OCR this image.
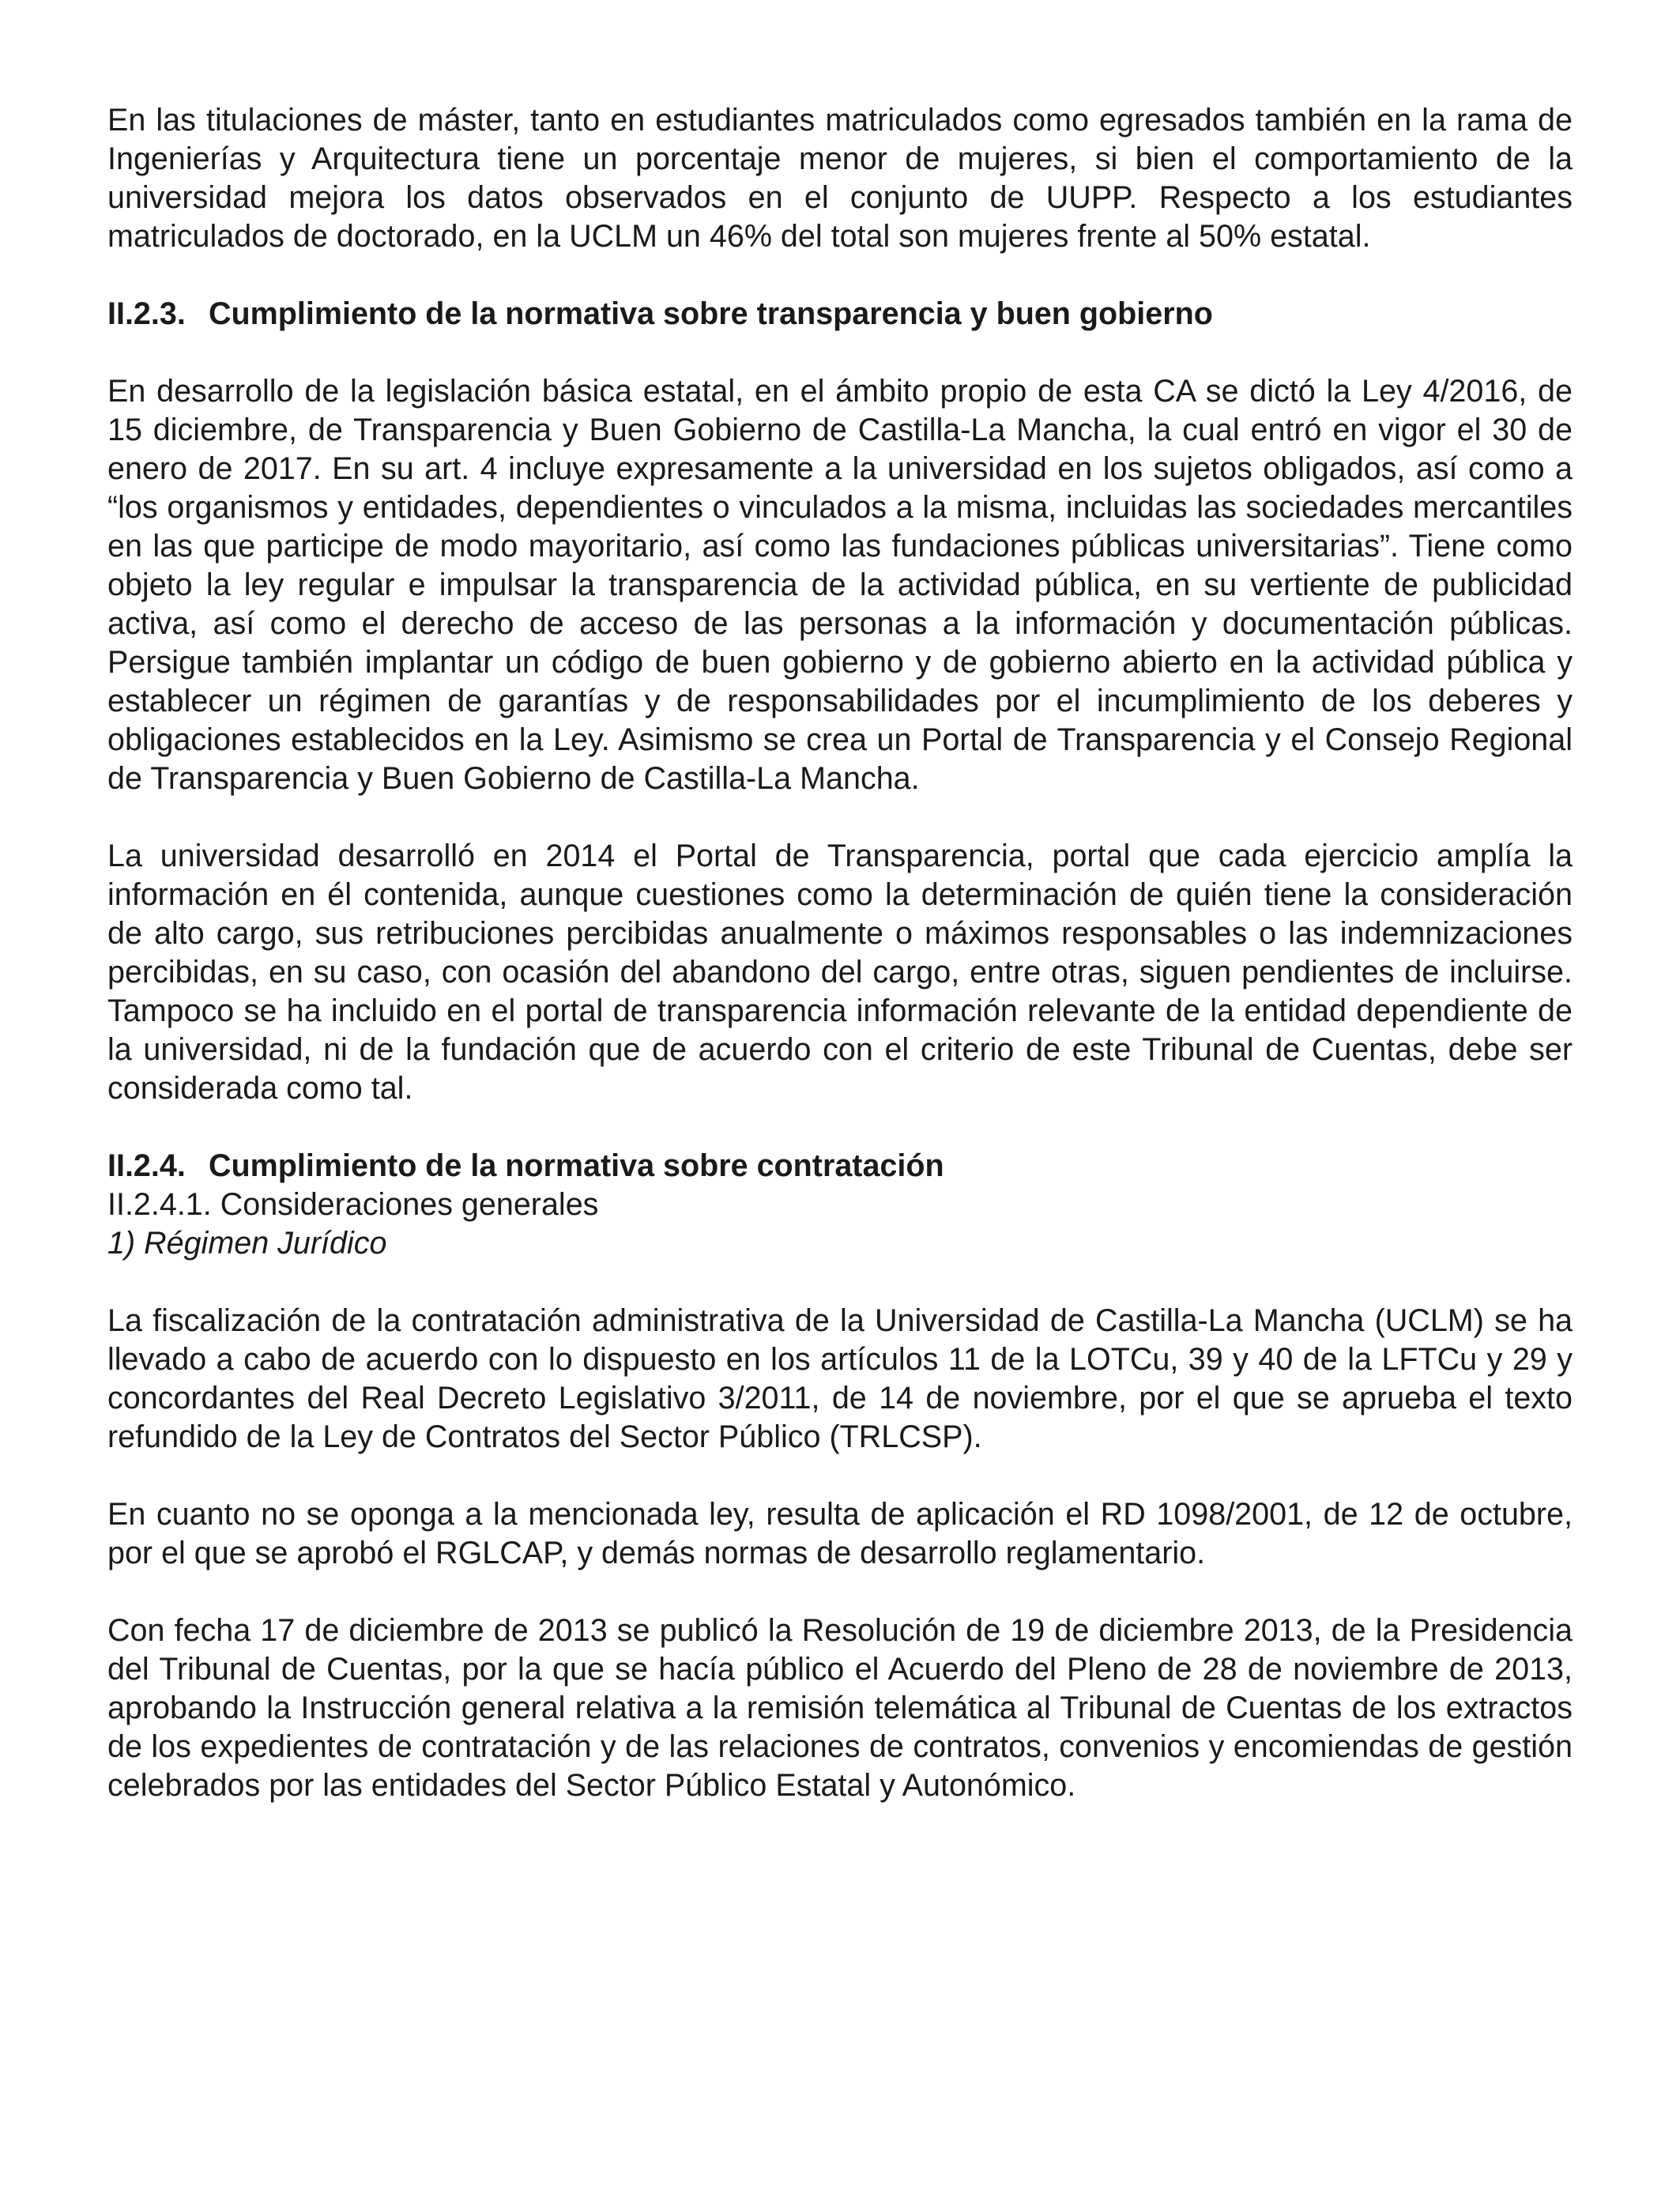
En las titulaciones de máster, tanto en estudiantes matriculados como egresados también en la rama de Ingenierías y Arquitectura tiene un porcentaje menor de mujeres, si bien el comportamiento de la universidad mejora los datos observados en el conjunto de UUPP. Respecto a los estudiantes matriculados de doctorado, en la UCLM un 46% del total son mujeres frente al 50% estatal.

II.2.3. Cumplimiento de la normativa sobre transparencia y buen gobierno

En desarrollo de la legislación básica estatal, en el ámbito propio de esta CA se dictó la Ley 4/2016, de 15 diciembre, de Transparencia y Buen Gobierno de Castilla-La Mancha, la cual entró en vigor el 30 de enero de 2017. En su art. 4 incluye expresamente a la universidad en los sujetos obligados, así como a “los organismos y entidades, dependientes o vinculados a la misma, incluidas las sociedades mercantiles en las que participe de modo mayoritario, así como las fundaciones públicas universitarias”. Tiene como objeto la ley regular e impulsar la transparencia de la actividad pública, en su vertiente de publicidad activa, así como el derecho de acceso de las personas a la información y documentación públicas. Persigue también implantar un código de buen gobierno y de gobierno abierto en la actividad pública y establecer un régimen de garantías y de responsabilidades por el incumplimiento de los deberes y obligaciones establecidos en la Ley. Asimismo se crea un Portal de Transparencia y el Consejo Regional de Transparencia y Buen Gobierno de Castilla-La Mancha.

La universidad desarrolló en 2014 el Portal de Transparencia, portal que cada ejercicio amplía la información en él contenida, aunque cuestiones como la determinación de quién tiene la consideración de alto cargo, sus retribuciones percibidas anualmente o máximos responsables o las indemnizaciones percibidas, en su caso, con ocasión del abandono del cargo, entre otras, siguen pendientes de incluirse. Tampoco se ha incluido en el portal de transparencia información relevante de la entidad dependiente de la universidad, ni de la fundación que de acuerdo con el criterio de este Tribunal de Cuentas, debe ser considerada como tal.

II.2.4. Cumplimiento de la normativa sobre contratación

II.2.4.1. Consideraciones generales

1) Régimen Jurídico

La fiscalización de la contratación administrativa de la Universidad de Castilla-La Mancha (UCLM) se ha llevado a cabo de acuerdo con lo dispuesto en los artículos 11 de la LOTCu, 39 y 40 de la LFTCu y 29 y concordantes del Real Decreto Legislativo 3/2011, de 14 de noviembre, por el que se aprueba el texto refundido de la Ley de Contratos del Sector Público (TRLCSP).

En cuanto no se oponga a la mencionada ley, resulta de aplicación el RD 1098/2001, de 12 de octubre, por el que se aprobó el RGLCAP, y demás normas de desarrollo reglamentario.

Con fecha 17 de diciembre de 2013 se publicó la Resolución de 19 de diciembre 2013, de la Presidencia del Tribunal de Cuentas, por la que se hacía público el Acuerdo del Pleno de 28 de noviembre de 2013, aprobando la Instrucción general relativa a la remisión telemática al Tribunal de Cuentas de los extractos de los expedientes de contratación y de las relaciones de contratos, convenios y encomiendas de gestión celebrados por las entidades del Sector Público Estatal y Autonómico.
